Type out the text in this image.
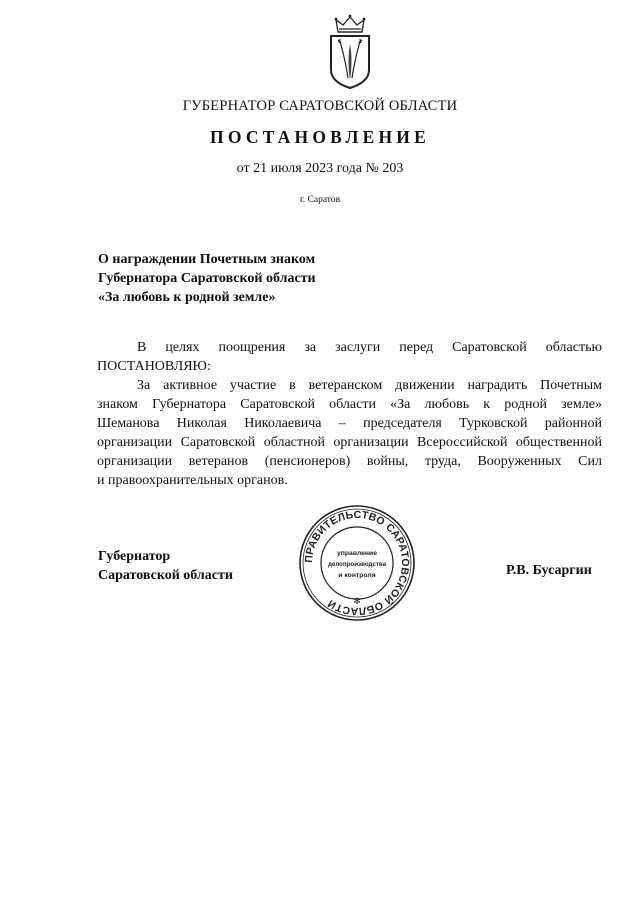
ГУБЕРНАТОР САРАТОВСКОЙ ОБЛАСТИ
ПОСТАНОВЛЕНИЕ
от 21 июля 2023 года № 203
г. Саратов
О награждении Почетным знаком
Губернатора Саратовской области
«За любовь к родной земле»
В целях поощрения за заслуги перед Саратовской областью
ПОСТАНОВЛЯЮ:
За активное участие в ветеранском движении наградить Почетным
знаком Губернатора Саратовской области «За любовь к родной земле»
Шеманова Николая Николаевича – председателя Турковской районной
организации Саратовской областной организации Всероссийской общественной
организации ветеранов (пенсионеров) войны, труда, Вооруженных Сил
и правоохранительных органов.
Губернатор
Саратовской области	Р.В. Бусаргин
ПРАВИТЕЛЬСТВО САРАТОВСКОЙ ОБЛАСТИ
управление
делопроизводства
и контроля
✻
